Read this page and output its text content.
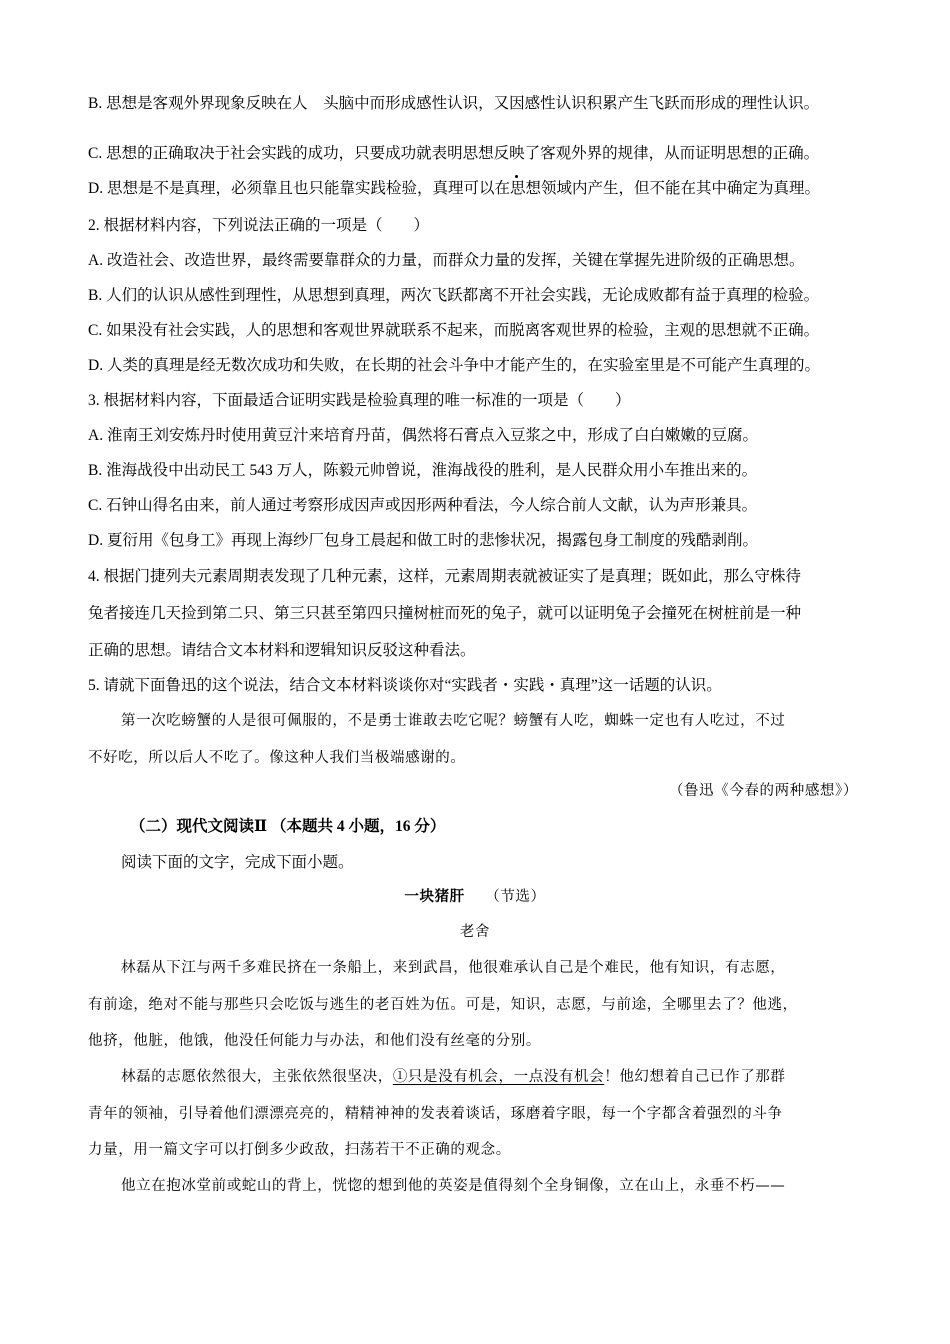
B. 思想是客观外界现象反映在人　头脑中而形成感性认识，又因感性认识积累产生飞跃而形成的理性认识。
C. 思想的正确取决于社会实践的成功，只要成功就表明思想反映了客观外界的规律，从而证明思想的正确。
D. 思想是不是真理，必须靠且也只能靠实践检验，真理可以在思想领域内产生，但不能在其中确定为真理。
2. 根据材料内容，下列说法正确的一项是（　　）
A. 改造社会、改造世界，最终需要靠群众的力量，而群众力量的发挥，关键在掌握先进阶级的正确思想。
B. 人们的认识从感性到理性，从思想到真理，两次飞跃都离不开社会实践，无论成败都有益于真理的检验。
C. 如果没有社会实践，人的思想和客观世界就联系不起来，而脱离客观世界的检验，主观的思想就不正确。
D. 人类的真理是经无数次成功和失败，在长期的社会斗争中才能产生的，在实验室里是不可能产生真理的。
3. 根据材料内容，下面最适合证明实践是检验真理的唯一标准的一项是（　　）
A. 淮南王刘安炼丹时使用黄豆汁来培育丹苗，偶然将石膏点入豆浆之中，形成了白白嫩嫩的豆腐。
B. 淮海战役中出动民工 543 万人，陈毅元帅曾说，淮海战役的胜利，是人民群众用小车推出来的。
C. 石钟山得名由来，前人通过考察形成因声或因形两种看法，今人综合前人文献，认为声形兼具。
D. 夏衍用《包身工》再现上海纱厂包身工晨起和做工时的悲惨状况，揭露包身工制度的残酷剥削。
4. 根据门捷列夫元素周期表发现了几种元素，这样，元素周期表就被证实了是真理；既如此，那么守株待
兔者接连几天捡到第二只、第三只甚至第四只撞树桩而死的兔子，就可以证明兔子会撞死在树桩前是一种
正确的思想。请结合文本材料和逻辑知识反驳这种看法。
5. 请就下面鲁迅的这个说法，结合文本材料谈谈你对“实践者・实践・真理”这一话题的认识。
第一次吃螃蟹的人是很可佩服的，不是勇士谁敢去吃它呢？螃蟹有人吃，蜘蛛一定也有人吃过，不过
不好吃，所以后人不吃了。像这种人我们当极端感谢的。
（鲁迅《今春的两种感想》）
（二）现代文阅读Ⅱ （本题共 4 小题，16 分）
阅读下面的文字，完成下面小题。
一块猪肝 （节选）
老舍
林磊从下江与两千多难民挤在一条船上，来到武昌，他很难承认自己是个难民，他有知识，有志愿，
有前途，绝对不能与那些只会吃饭与逃生的老百姓为伍。可是，知识，志愿，与前途，全哪里去了？他逃，
他挤，他脏，他饿，他没任何能力与办法，和他们没有丝毫的分别。
林磊的志愿依然很大，主张依然很坚决，①只是没有机会，一点没有机会！他幻想着自己已作了那群
青年的领袖，引导着他们漂漂亮亮的，精精神神的发表着谈话，琢磨着字眼，每一个字都含着强烈的斗争
力量，用一篇文字可以打倒多少政敌，扫荡若干不正确的观念。
他立在抱冰堂前或蛇山的背上，恍惚的想到他的英姿是值得刻个全身铜像，立在山上，永垂不朽——
